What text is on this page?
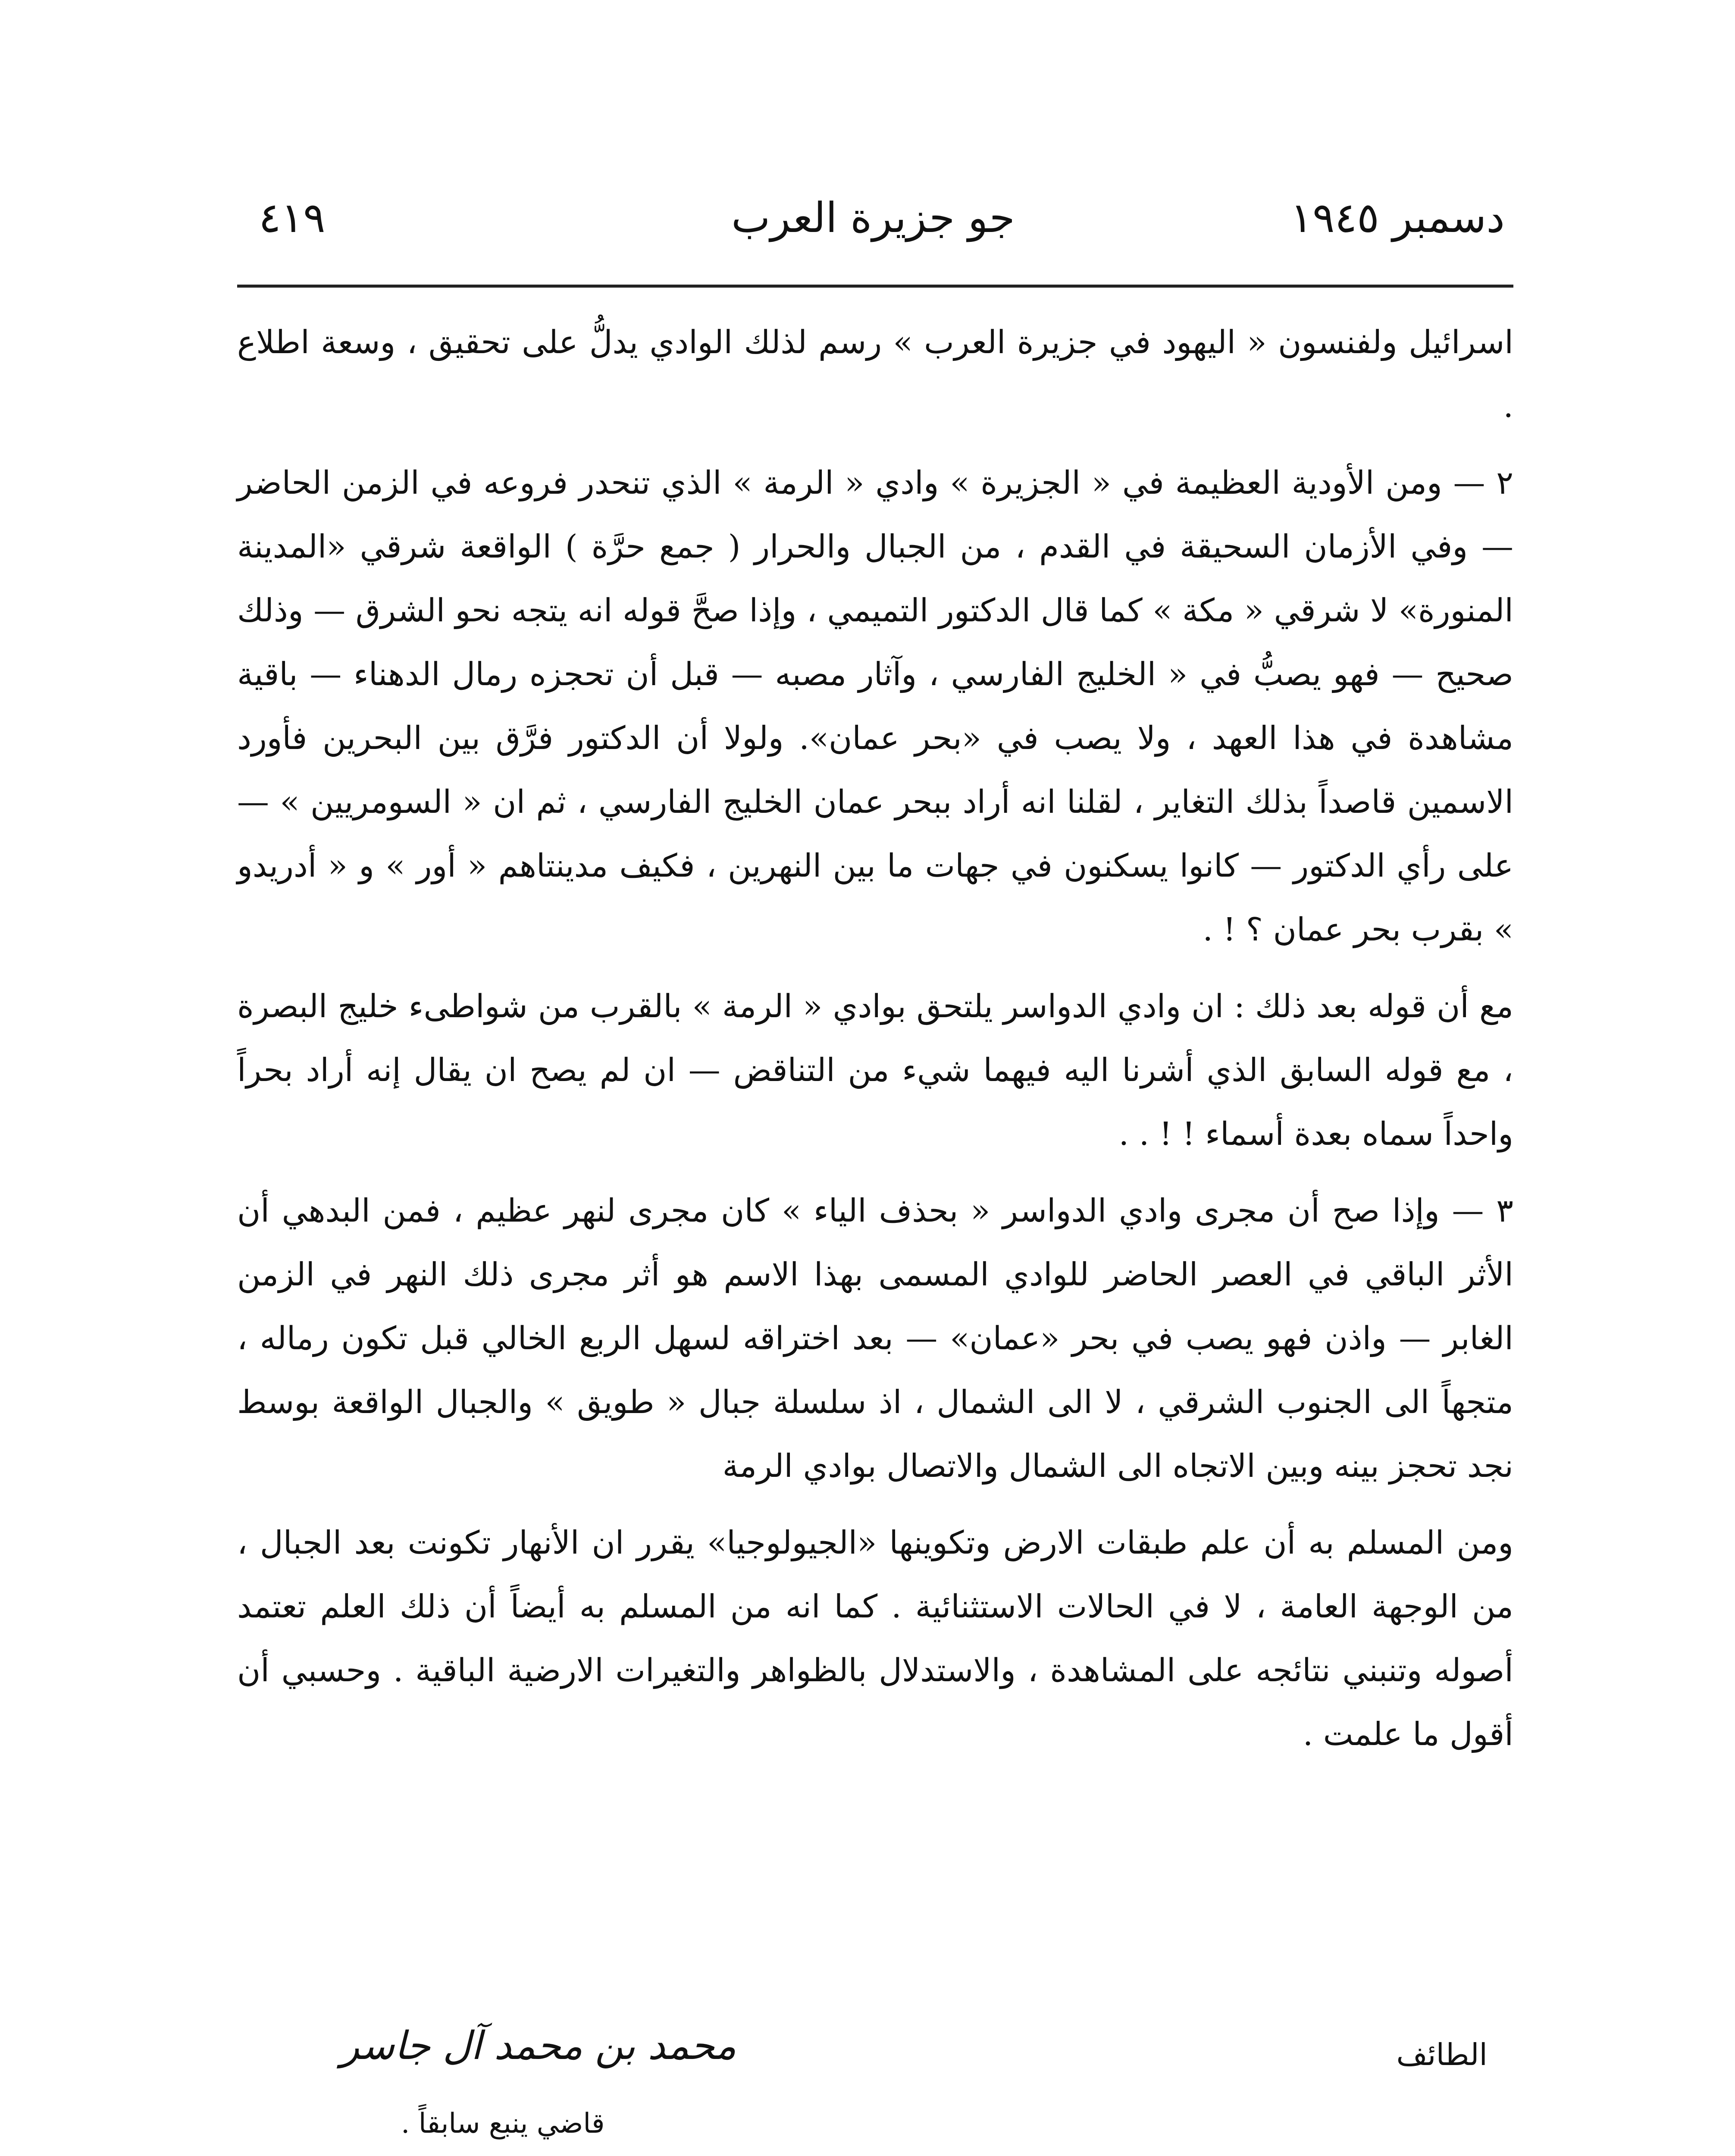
دسمبر ١٩٤٥
جو جزيرة العرب
٤١٩

اسرائيل ولفنسون « اليهود في جزيرة العرب » رسم لذلك الوادي يدلُّ على تحقيق ، وسعة اطلاع .

٢ — ومن الأودية العظيمة في « الجزيرة » وادي « الرمة » الذي تنحدر فروعه في الزمن الحاضر — وفي الأزمان السحيقة في القدم ، من الجبال والحرار ( جمع حرَّة ) الواقعة شرقي «المدينة المنورة» لا شرقي « مكة » كما قال الدكتور التميمي ، وإذا صحَّ قوله انه يتجه نحو الشرق — وذلك صحيح — فهو يصبُّ في « الخليج الفارسي ، وآثار مصبه — قبل أن تحجزه رمال الدهناء — باقية مشاهدة في هذا العهد ، ولا يصب في «بحر عمان». ولولا أن الدكتور فرَّق بين البحرين فأورد الاسمين قاصداً بذلك التغاير ، لقلنا انه أراد ببحر عمان الخليج الفارسي ، ثم ان « السومريين » — على رأي الدكتور — كانوا يسكنون في جهات ما بين النهرين ، فكيف مدينتاهم « أور » و « أدريدو » بقرب بحر عمان ؟ ! .

مع أن قوله بعد ذلك : ان وادي الدواسر يلتحق بوادي « الرمة » بالقرب من شواطىء خليج البصرة ، مع قوله السابق الذي أشرنا اليه فيهما شيء من التناقض — ان لم يصح ان يقال إنه أراد بحراً واحداً سماه بعدة أسماء ! ! . .

٣ — وإذا صح أن مجرى وادي الدواسر « بحذف الياء » كان مجرى لنهر عظيم ، فمن البدهي أن الأثر الباقي في العصر الحاضر للوادي المسمى بهذا الاسم هو أثر مجرى ذلك النهر في الزمن الغابر — واذن فهو يصب في بحر «عمان» — بعد اختراقه لسهل الربع الخالي قبل تكون رماله ، متجهاً الى الجنوب الشرقي ، لا الى الشمال ، اذ سلسلة جبال « طويق » والجبال الواقعة بوسط نجد تحجز بينه وبين الاتجاه الى الشمال والاتصال بوادي الرمة

ومن المسلم به أن علم طبقات الارض وتكوينها «الجيولوجيا» يقرر ان الأنهار تكونت بعد الجبال ، من الوجهة العامة ، لا في الحالات الاستثنائية . كما انه من المسلم به أيضاً أن ذلك العلم تعتمد أصوله وتنبني نتائجه على المشاهدة ، والاستدلال بالظواهر والتغيرات الارضية الباقية . وحسبي أن أقول ما علمت .

الطائف
محمد بن محمد آل جاسر
قاضي ينبع سابقاً .
